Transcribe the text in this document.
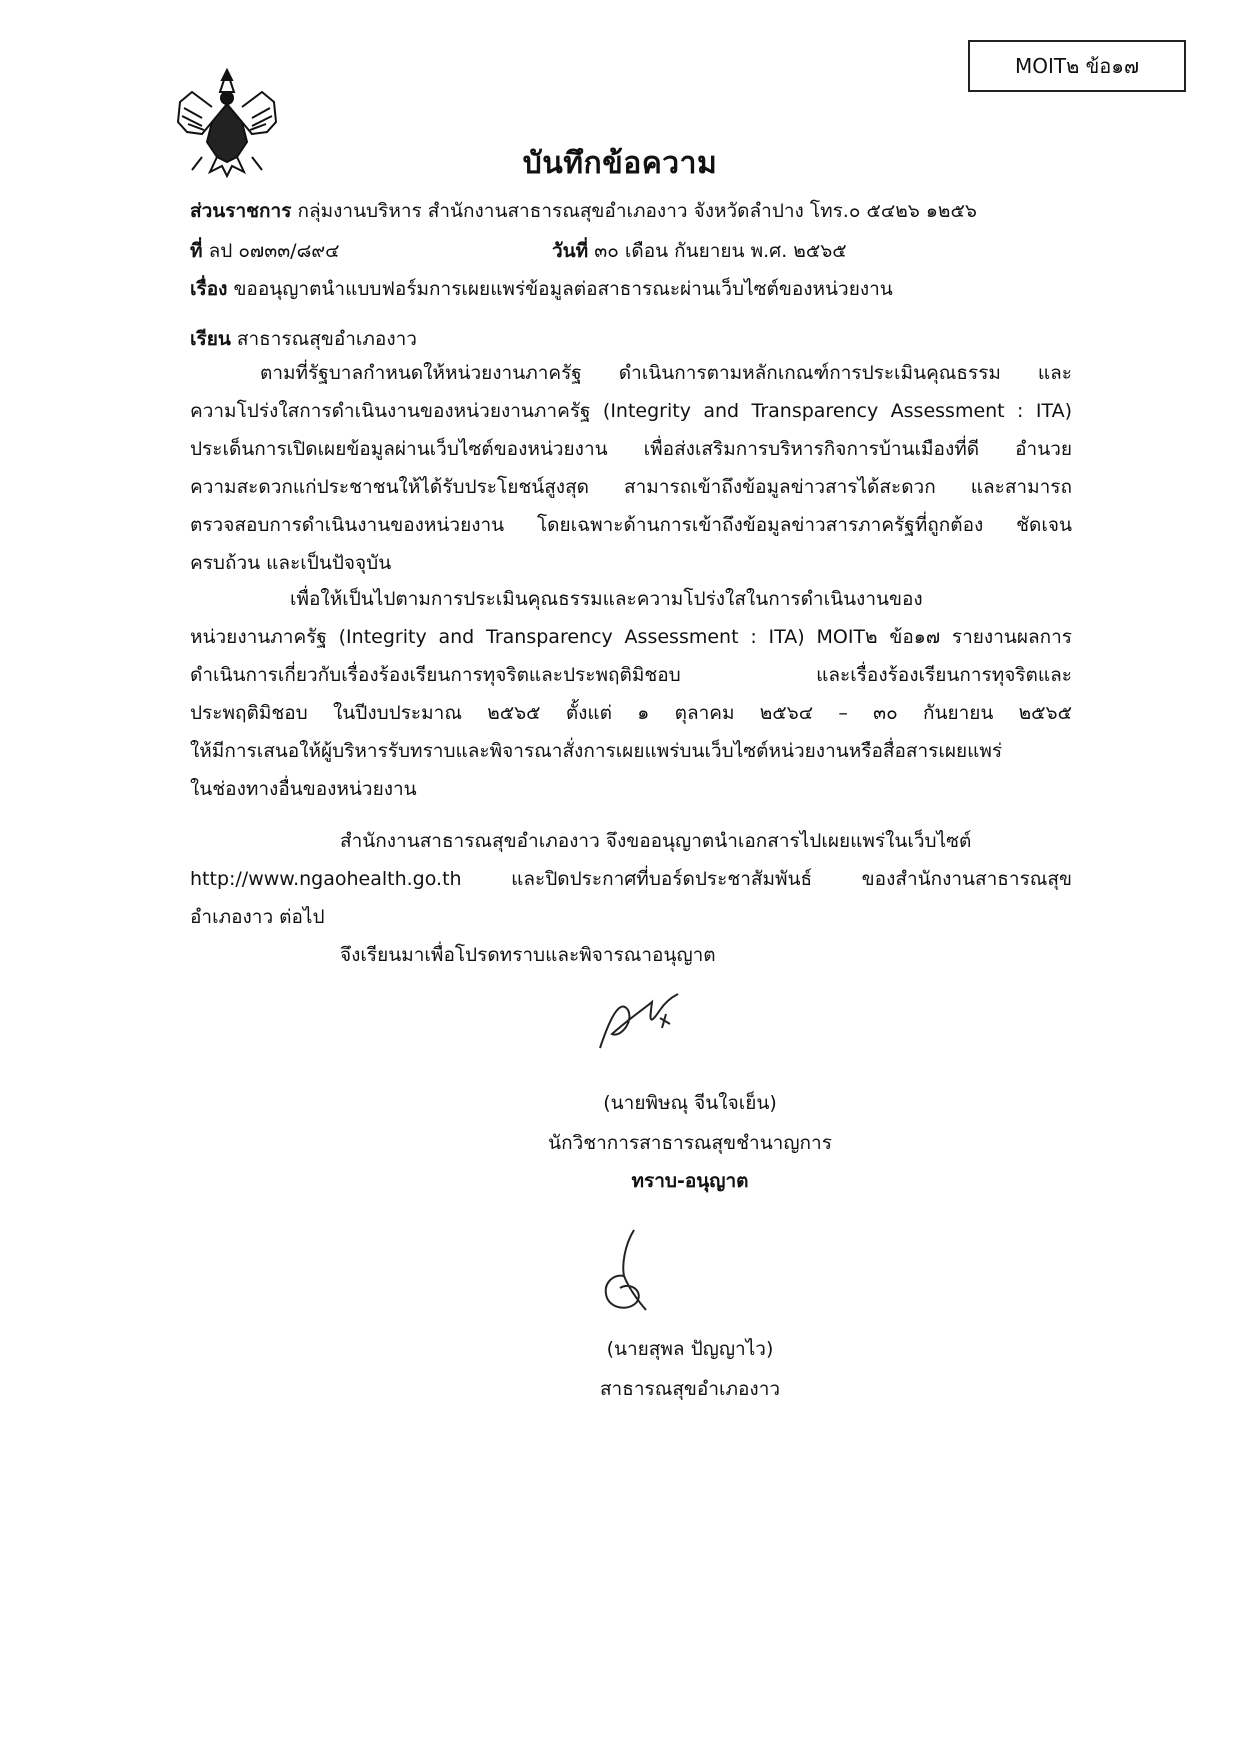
MOIT๒ ข้อ๑๗
บันทึกข้อความ
ส่วนราชการ กลุ่มงานบริหาร สำนักงานสาธารณสุขอำเภองาว จังหวัดลำปาง โทร.๐ ๕๔๒๖ ๑๒๕๖
ที่ ลป ๐๗๓๓/๘๙๔	วันที่ ๓๐ เดือน กันยายน พ.ศ. ๒๕๖๕
เรื่อง ขออนุญาตนำแบบฟอร์มการเผยแพร่ข้อมูลต่อสาธารณะผ่านเว็บไซต์ของหน่วยงาน
เรียน สาธารณสุขอำเภองาว
ตามที่รัฐบาลกำหนดให้หน่วยงานภาครัฐ ดำเนินการตามหลักเกณฑ์การประเมินคุณธรรม และ
ความโปร่งใสการดำเนินงานของหน่วยงานภาครัฐ (Integrity and Transparency Assessment : ITA)
ประเด็นการเปิดเผยข้อมูลผ่านเว็บไซต์ของหน่วยงาน เพื่อส่งเสริมการบริหารกิจการบ้านเมืองที่ดี อำนวย
ความสะดวกแก่ประชาชนให้ได้รับประโยชน์สูงสุด สามารถเข้าถึงข้อมูลข่าวสารได้สะดวก และสามารถ
ตรวจสอบการดำเนินงานของหน่วยงาน โดยเฉพาะด้านการเข้าถึงข้อมูลข่าวสารภาครัฐที่ถูกต้อง ชัดเจน
ครบถ้วน และเป็นปัจจุบัน
เพื่อให้เป็นไปตามการประเมินคุณธรรมและความโปร่งใสในการดำเนินงานของ
หน่วยงานภาครัฐ (Integrity and Transparency Assessment : ITA) MOIT๒ ข้อ๑๗ รายงานผลการ
ดำเนินการเกี่ยวกับเรื่องร้องเรียนการทุจริตและประพฤติมิชอบ และเรื่องร้องเรียนการทุจริตและ
ประพฤติมิชอบ ในปีงบประมาณ ๒๕๖๕ ตั้งแต่ ๑ ตุลาคม ๒๕๖๔ – ๓๐ กันยายน ๒๕๖๕
ให้มีการเสนอให้ผู้บริหารรับทราบและพิจารณาสั่งการเผยแพร่บนเว็บไซต์หน่วยงานหรือสื่อสารเผยแพร่
ในช่องทางอื่นของหน่วยงาน
สำนักงานสาธารณสุขอำเภองาว จึงขออนุญาตนำเอกสารไปเผยแพร่ในเว็บไซต์
http://www.ngaohealth.go.th และปิดประกาศที่บอร์ดประชาสัมพันธ์ ของสำนักงานสาธารณสุข
อำเภองาว ต่อไป
จึงเรียนมาเพื่อโปรดทราบและพิจารณาอนุญาต
(นายพิษณุ จีนใจเย็น)
นักวิชาการสาธารณสุขชำนาญการ
ทราบ-อนุญาต
(นายสุพล ปัญญาไว)
สาธารณสุขอำเภองาว
